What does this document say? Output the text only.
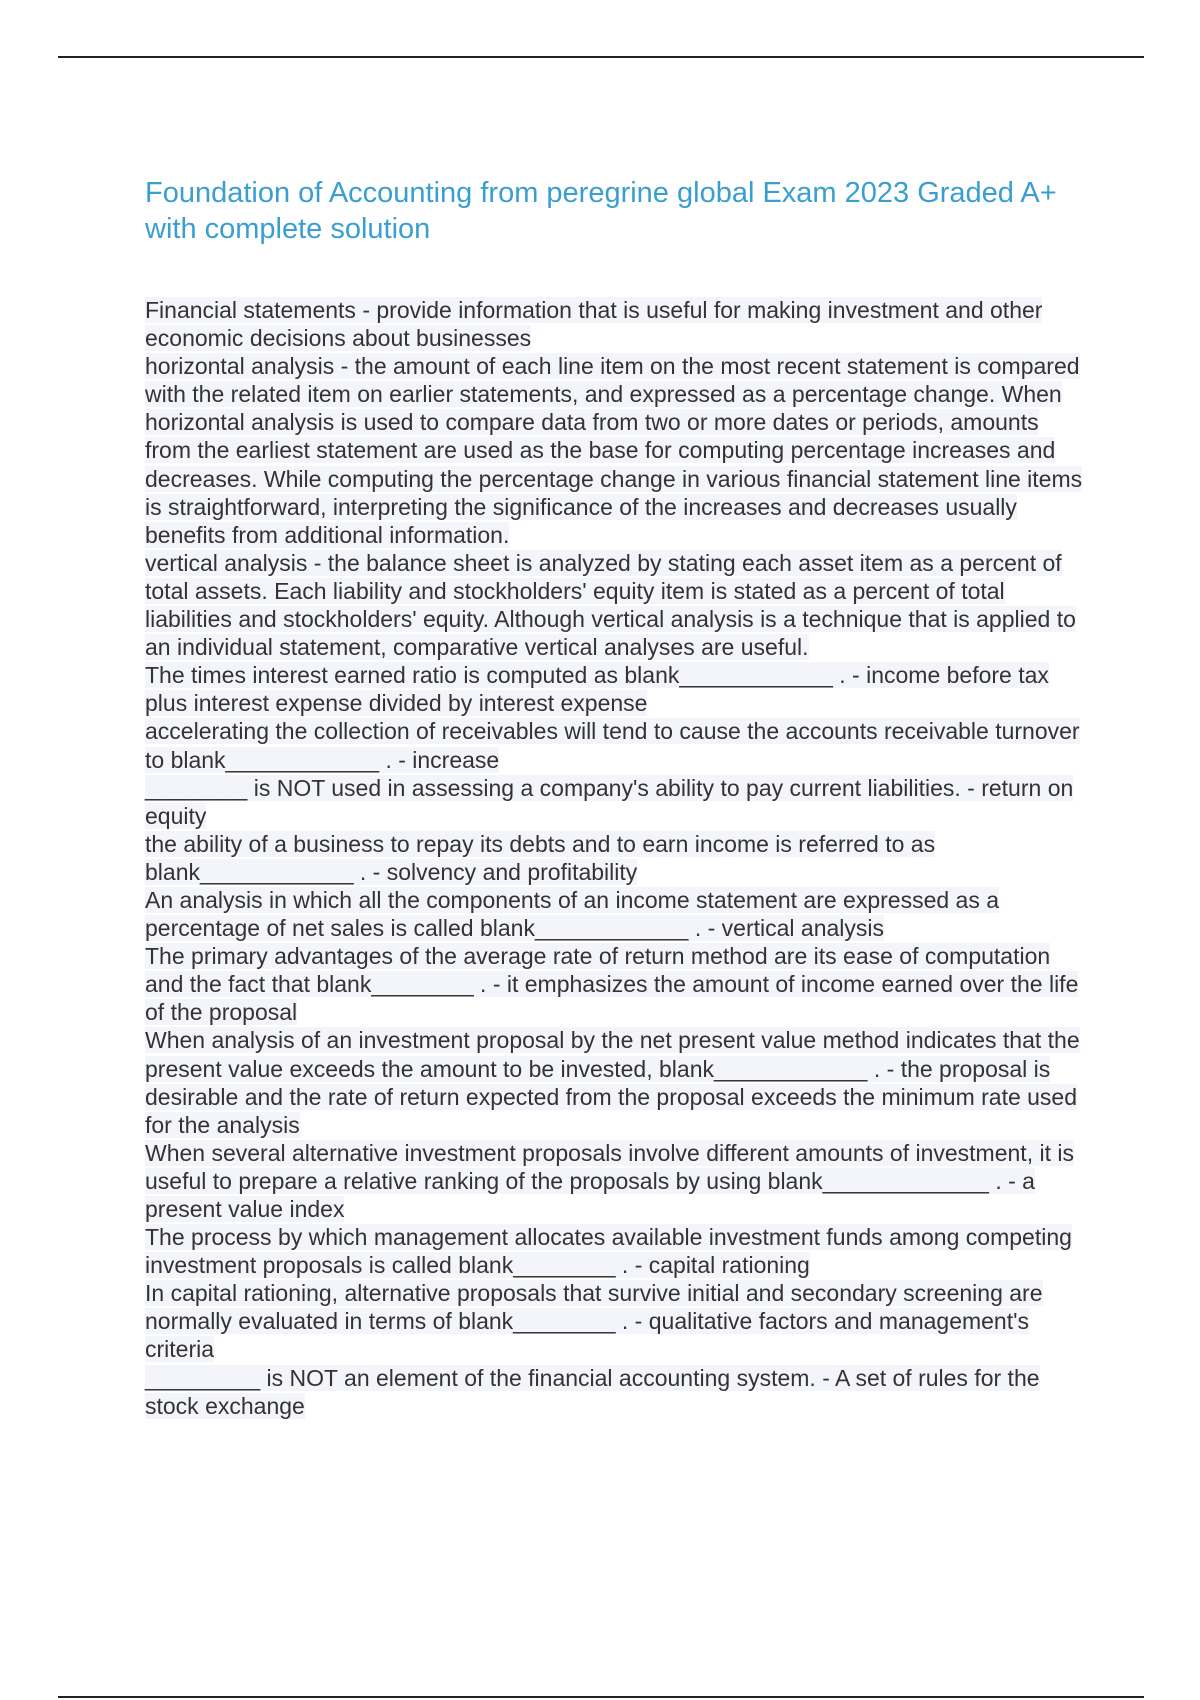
Foundation of Accounting from peregrine global Exam 2023 Graded A+ with complete solution

Financial statements - provide information that is useful for making investment and other economic decisions about businesses

horizontal analysis - the amount of each line item on the most recent statement is compared with the related item on earlier statements, and expressed as a percentage change. When horizontal analysis is used to compare data from two or more dates or periods, amounts from the earliest statement are used as the base for computing percentage increases and decreases. While computing the percentage change in various financial statement line items is straightforward, interpreting the significance of the increases and decreases usually benefits from additional information.

vertical analysis - the balance sheet is analyzed by stating each asset item as a percent of total assets. Each liability and stockholders' equity item is stated as a percent of total liabilities and stockholders' equity. Although vertical analysis is a technique that is applied to an individual statement, comparative vertical analyses are useful.

The times interest earned ratio is computed as blank____________ . - income before tax plus interest expense divided by interest expense

accelerating the collection of receivables will tend to cause the accounts receivable turnover to blank____________ . - increase

________ is NOT used in assessing a company's ability to pay current liabilities. - return on equity

the ability of a business to repay its debts and to earn income is referred to as blank____________ . - solvency and profitability

An analysis in which all the components of an income statement are expressed as a percentage of net sales is called blank____________ . - vertical analysis

The primary advantages of the average rate of return method are its ease of computation and the fact that blank________ . - it emphasizes the amount of income earned over the life of the proposal

When analysis of an investment proposal by the net present value method indicates that the present value exceeds the amount to be invested, blank____________ . - the proposal is desirable and the rate of return expected from the proposal exceeds the minimum rate used for the analysis

When several alternative investment proposals involve different amounts of investment, it is useful to prepare a relative ranking of the proposals by using blank_____________ . - a present value index

The process by which management allocates available investment funds among competing investment proposals is called blank________ . - capital rationing

In capital rationing, alternative proposals that survive initial and secondary screening are normally evaluated in terms of blank________ . - qualitative factors and management's criteria

_________ is NOT an element of the financial accounting system. - A set of rules for the stock exchange
